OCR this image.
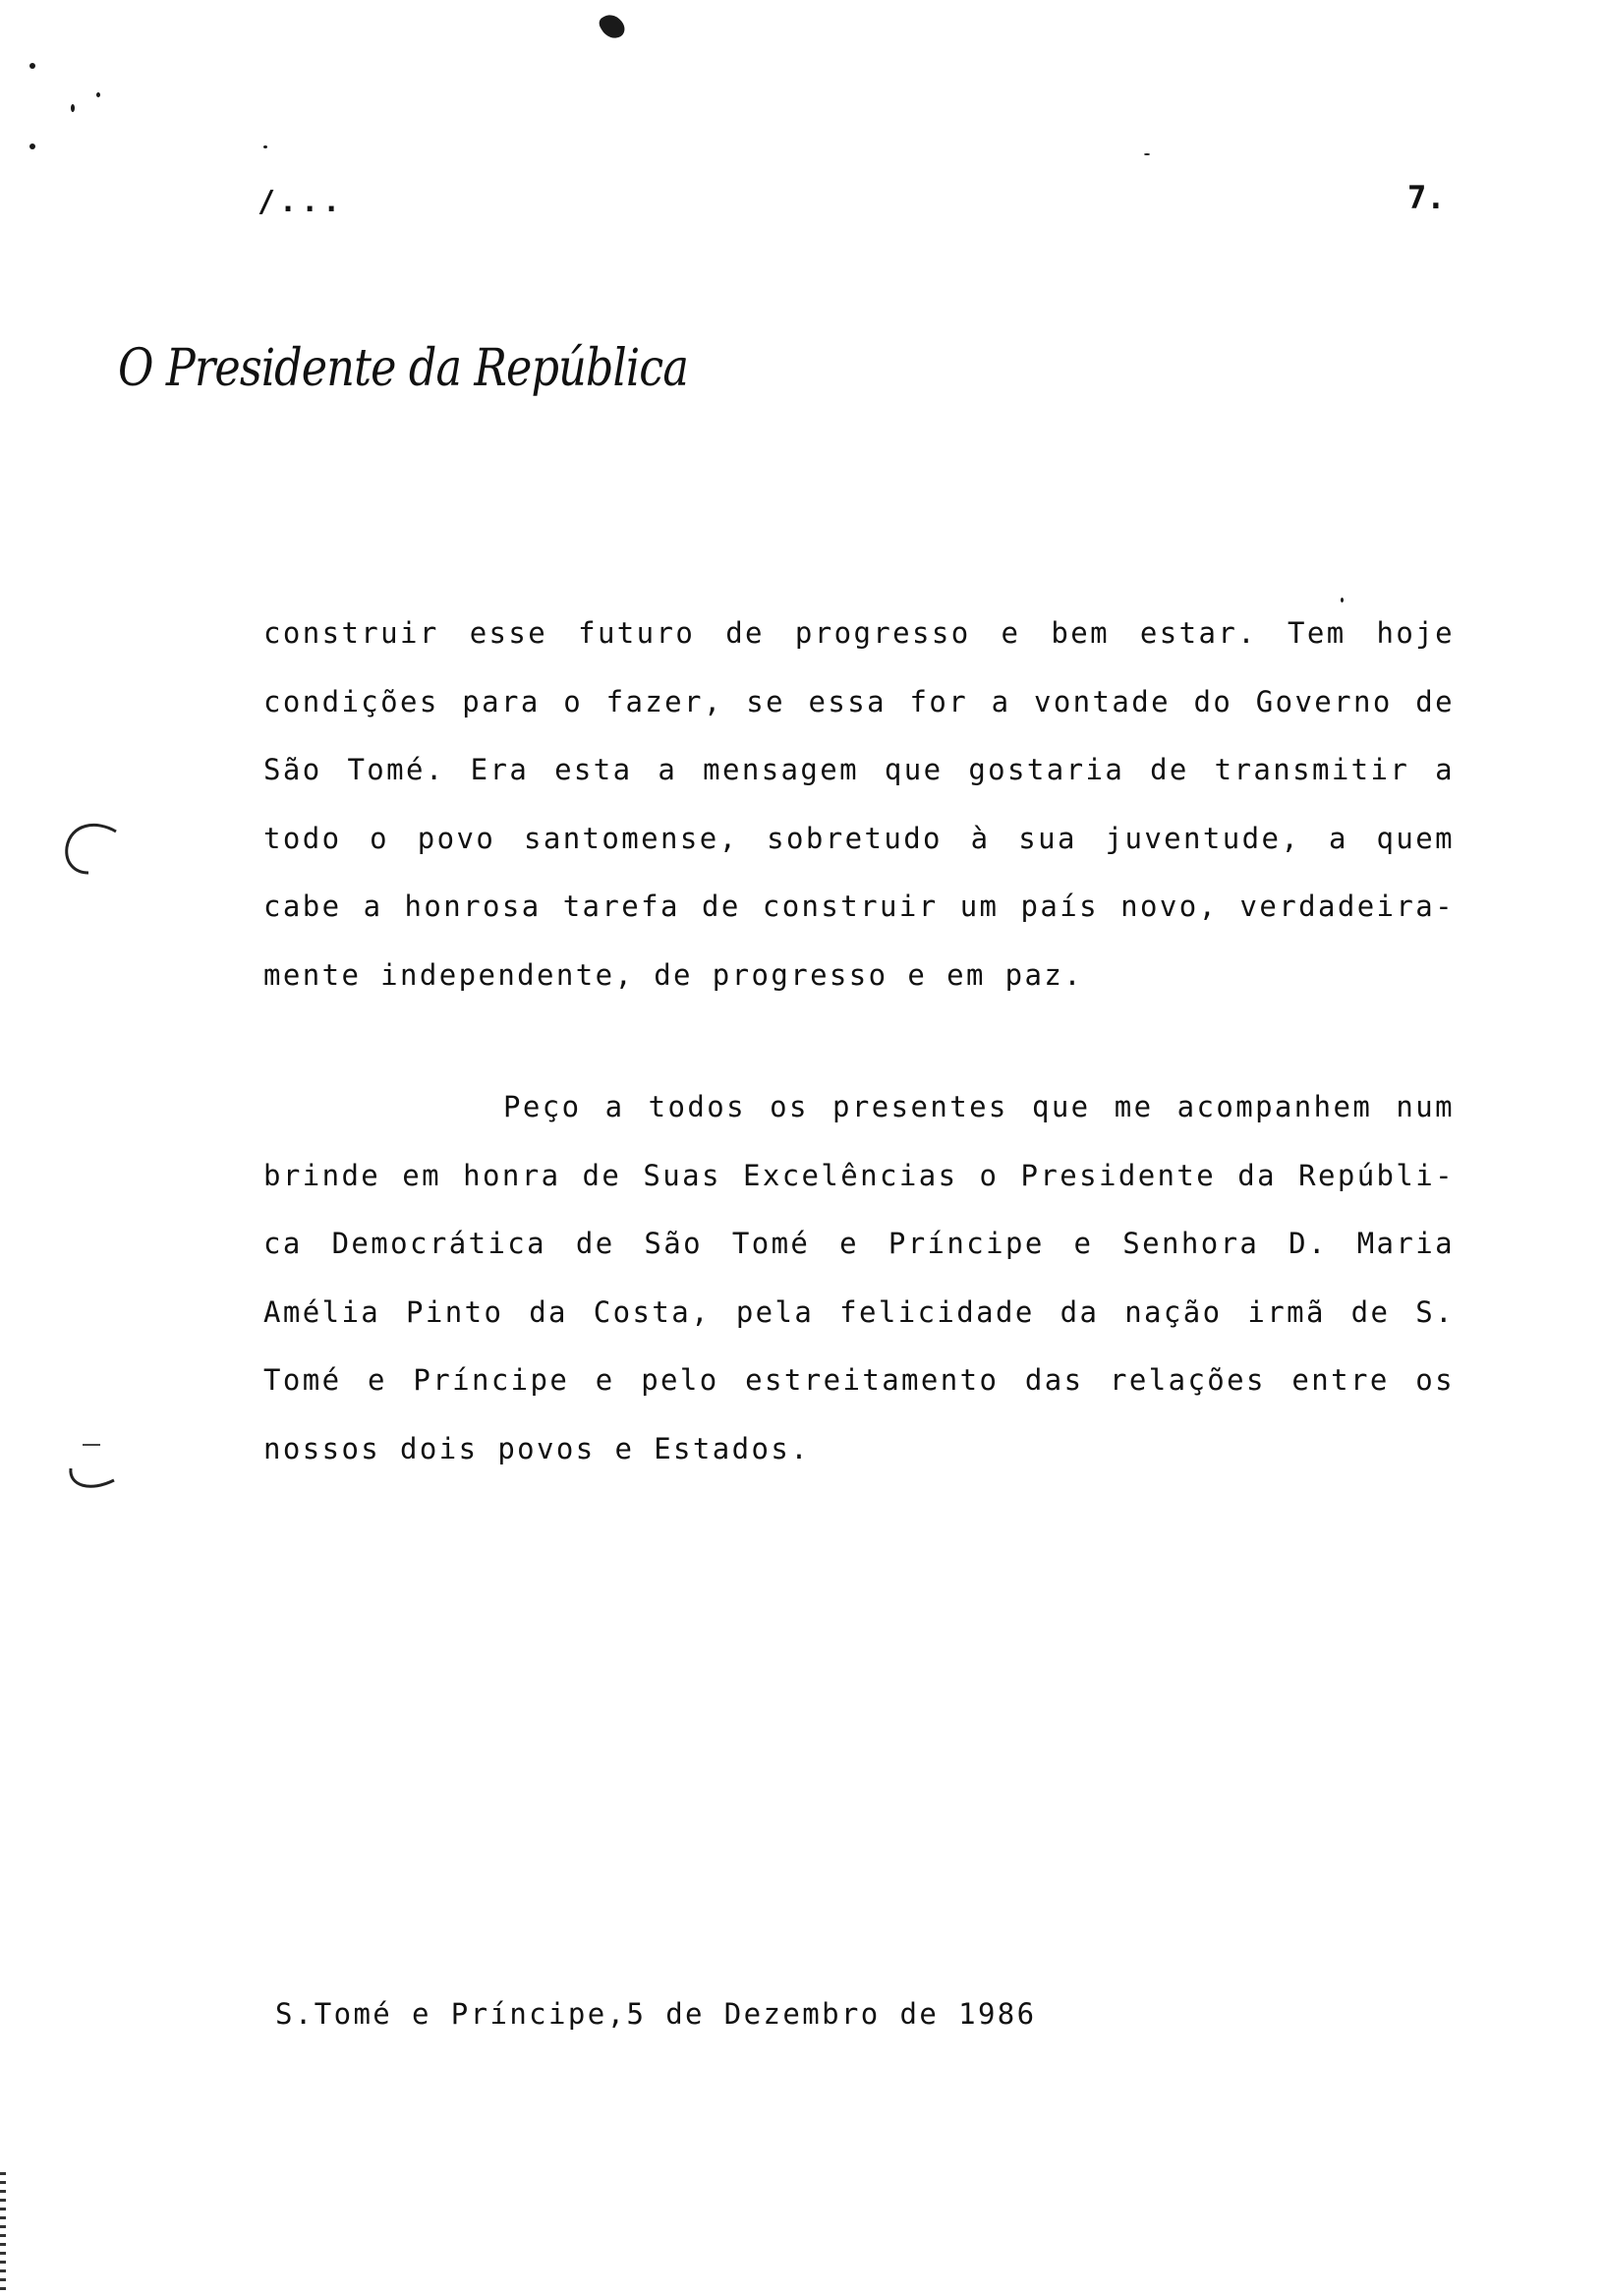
/...	7.
O Presidente da República
construir esse futuro de progresso e bem estar. Tem hoje condições para o fazer, se essa for a vontade do Governo de São Tomé. Era esta a mensagem que gostaria de transmitir a todo o povo santomense, sobretudo à sua juventude, a quem cabe a honrosa tarefa de construir um país novo, verdadeira-mente independente, de progresso e em paz.
Peço a todos os presentes que me acompanhem num brinde em honra de Suas Excelências o Presidente da Repúbli-ca Democrática de São Tomé e Príncipe e Senhora D. Maria Amélia Pinto da Costa, pela felicidade da nação irmã de S. Tomé e Príncipe e pelo estreitamento das relações entre os nossos dois povos e Estados.
S.Tomé e Príncipe,5 de Dezembro de 1986
